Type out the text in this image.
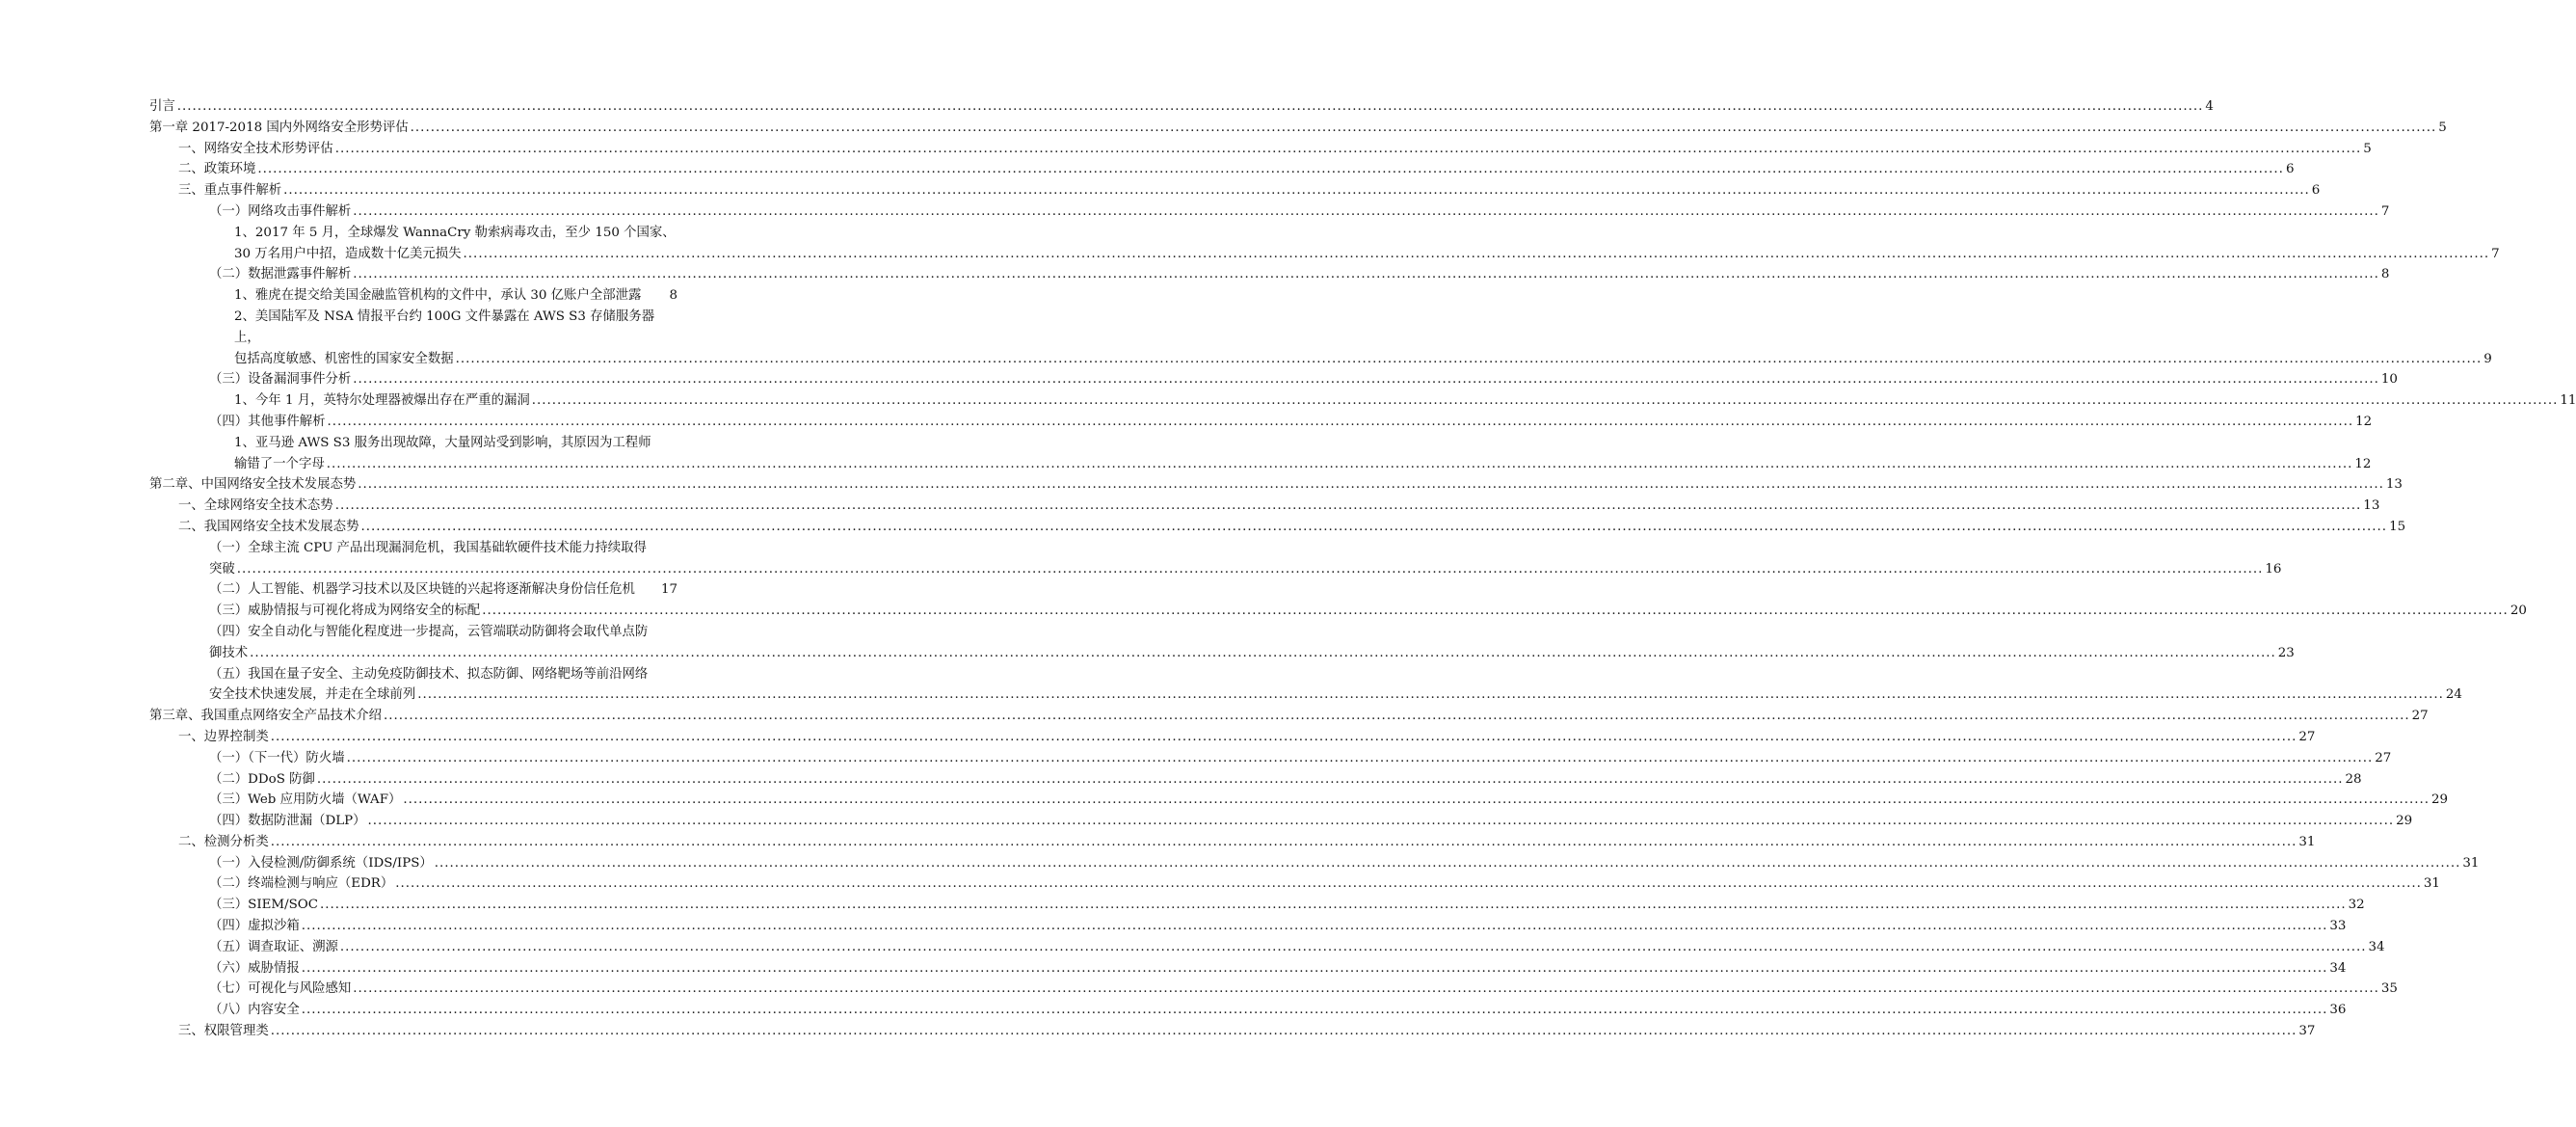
引言 ................................................................................................................................................................................................................................................................................................................................................................................................................ 4
第一章 2017-2018 国内外网络安全形势评估 ................................................................................................................................................................................................................................................................................................................................................................................................................ 5
一、网络安全技术形势评估 ................................................................................................................................................................................................................................................................................................................................................................................................................ 5
二、政策环境 ................................................................................................................................................................................................................................................................................................................................................................................................................ 6
三、重点事件解析 ................................................................................................................................................................................................................................................................................................................................................................................................................ 6
（一）网络攻击事件解析 ................................................................................................................................................................................................................................................................................................................................................................................................................ 7
1、2017 年 5 月，全球爆发 WannaCry 勒索病毒攻击，至少 150 个国家、
30 万名用户中招，造成数十亿美元损失 ................................................................................................................................................................................................................................................................................................................................................................................................................ 7
（二）数据泄露事件解析 ................................................................................................................................................................................................................................................................................................................................................................................................................ 8
1、雅虎在提交给美国金融监管机构的文件中，承认 30 亿账户全部泄露 8
2、美国陆军及 NSA 情报平台约 100G 文件暴露在 AWS S3 存储服务器上，
包括高度敏感、机密性的国家安全数据 ................................................................................................................................................................................................................................................................................................................................................................................................................ 9
（三）设备漏洞事件分析 ................................................................................................................................................................................................................................................................................................................................................................................................................ 10
1、今年 1 月，英特尔处理器被爆出存在严重的漏洞 ................................................................................................................................................................................................................................................................................................................................................................................................................ 11
（四）其他事件解析 ................................................................................................................................................................................................................................................................................................................................................................................................................ 12
1、亚马逊 AWS S3 服务出现故障，大量网站受到影响，其原因为工程师
输错了一个字母 ................................................................................................................................................................................................................................................................................................................................................................................................................ 12
第二章、中国网络安全技术发展态势 ................................................................................................................................................................................................................................................................................................................................................................................................................ 13
一、全球网络安全技术态势 ................................................................................................................................................................................................................................................................................................................................................................................................................ 13
二、我国网络安全技术发展态势 ................................................................................................................................................................................................................................................................................................................................................................................................................ 15
（一）全球主流 CPU 产品出现漏洞危机，我国基础软硬件技术能力持续取得
突破 ................................................................................................................................................................................................................................................................................................................................................................................................................ 16
（二）人工智能、机器学习技术以及区块链的兴起将逐渐解决身份信任危机 17
（三）威胁情报与可视化将成为网络安全的标配 ................................................................................................................................................................................................................................................................................................................................................................................................................ 20
（四）安全自动化与智能化程度进一步提高，云管端联动防御将会取代单点防
御技术 ................................................................................................................................................................................................................................................................................................................................................................................................................ 23
（五）我国在量子安全、主动免疫防御技术、拟态防御、网络靶场等前沿网络
安全技术快速发展，并走在全球前列 ................................................................................................................................................................................................................................................................................................................................................................................................................ 24
第三章、我国重点网络安全产品技术介绍 ................................................................................................................................................................................................................................................................................................................................................................................................................ 27
一、边界控制类 ................................................................................................................................................................................................................................................................................................................................................................................................................ 27
（一）（下一代）防火墙 ................................................................................................................................................................................................................................................................................................................................................................................................................ 27
（二）DDoS 防御 ................................................................................................................................................................................................................................................................................................................................................................................................................ 28
（三）Web 应用防火墙（WAF） ................................................................................................................................................................................................................................................................................................................................................................................................................ 29
（四）数据防泄漏（DLP） ................................................................................................................................................................................................................................................................................................................................................................................................................ 29
二、检测分析类 ................................................................................................................................................................................................................................................................................................................................................................................................................ 31
（一）入侵检测/防御系统（IDS/IPS） ................................................................................................................................................................................................................................................................................................................................................................................................................ 31
（二）终端检测与响应（EDR） ................................................................................................................................................................................................................................................................................................................................................................................................................ 31
（三）SIEM/SOC ................................................................................................................................................................................................................................................................................................................................................................................................................ 32
（四）虚拟沙箱 ................................................................................................................................................................................................................................................................................................................................................................................................................ 33
（五）调查取证、溯源 ................................................................................................................................................................................................................................................................................................................................................................................................................ 34
（六）威胁情报 ................................................................................................................................................................................................................................................................................................................................................................................................................ 34
（七）可视化与风险感知 ................................................................................................................................................................................................................................................................................................................................................................................................................ 35
（八）内容安全 ................................................................................................................................................................................................................................................................................................................................................................................................................ 36
三、权限管理类 ................................................................................................................................................................................................................................................................................................................................................................................................................ 37
